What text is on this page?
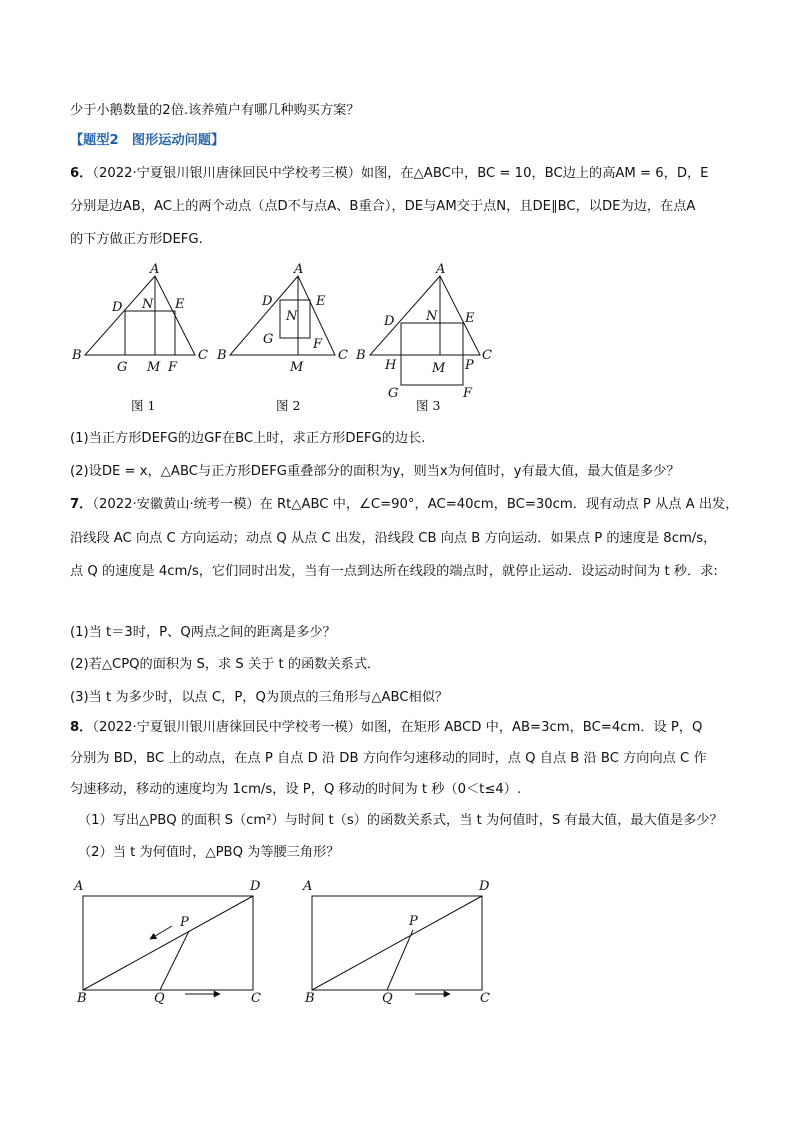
少于小鹅数量的2倍.该养殖户有哪几种购买方案？
【题型2　图形运动问题】
6．（2022·宁夏银川银川唐徕回民中学校考三模）如图，在△ABC中，BC = 10，BC边上的高AM = 6，D，E
分别是边AB，AC上的两个动点（点D不与点A、B重合），DE与AM交于点N，且DE∥BC，以DE为边，在点A
的下方做正方形DEFG.
A
B	C
D N E
G M F
图 1
A
B	C
D
N
E
G	F
M
图 2
A
B	C
D N E
H	M P
G	F
图 3
(1)当正方形DEFG的边GF在BC上时，求正方形DEFG的边长.
(2)设DE = x，△ABC与正方形DEFG重叠部分的面积为y，则当x为何值时，y有最大值，最大值是多少？
7．（2022·安徽黄山·统考一模）在 Rt△ABC 中，∠C=90°，AC=40cm，BC=30cm．现有动点 P 从点 A 出发，
沿线段 AC 向点 C 方向运动；动点 Q 从点 C 出发，沿线段 CB 向点 B 方向运动．如果点 P 的速度是 8cm/s，
点 Q 的速度是 4cm/s，它们同时出发，当有一点到达所在线段的端点时，就停止运动．设运动时间为 t 秒．求:
(1)当 t＝3时，P、Q两点之间的距离是多少？
(2)若△CPQ的面积为 S，求 S 关于 t 的函数关系式．
(3)当 t 为多少时，以点 C，P，Q为顶点的三角形与△ABC相似？
8．（2022·宁夏银川银川唐徕回民中学校考一模）如图，在矩形 ABCD 中，AB=3cm，BC=4cm．设 P，Q
分别为 BD，BC 上的动点，在点 P 自点 D 沿 DB 方向作匀速移动的同时，点 Q 自点 B 沿 BC 方向向点 C 作
匀速移动，移动的速度均为 1cm/s，设 P，Q 移动的时间为 t 秒（0＜t≤4）.
（1）写出△PBQ 的面积 S（cm²）与时间 t（s）的函数关系式，当 t 为何值时，S 有最大值，最大值是多少？
（2）当 t 为何值时，△PBQ 为等腰三角形？
A	D
B	C
P
Q
A	D
B	C
P
Q
